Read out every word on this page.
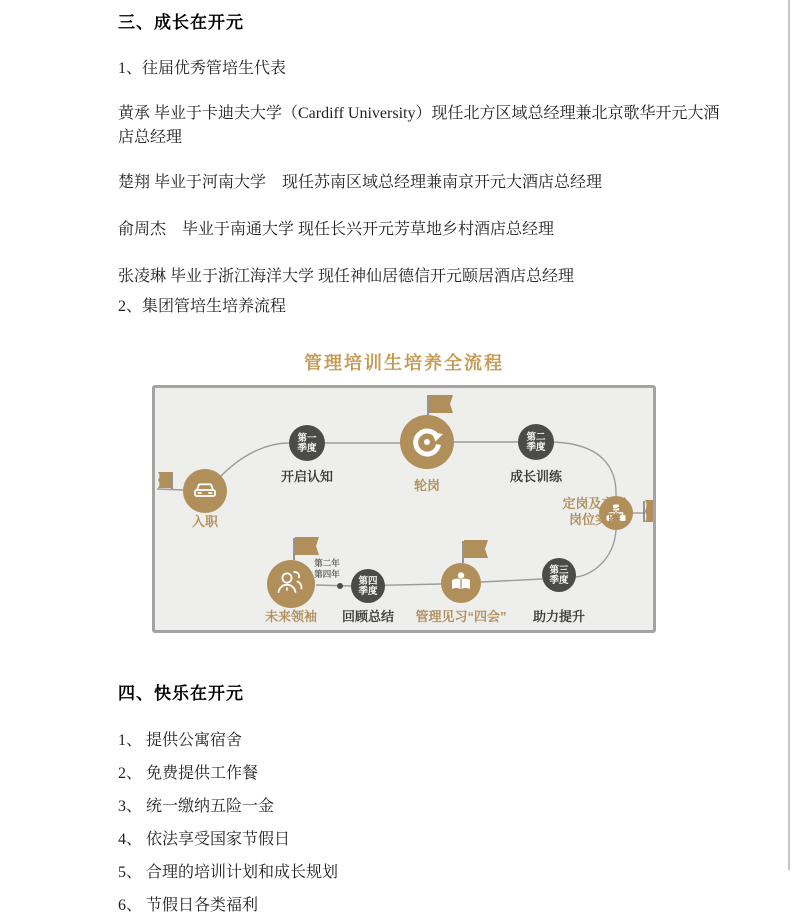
三、成长在开元

1、往届优秀管培生代表

黄承 毕业于卡迪夫大学（Cardiff University）现任北方区域总经理兼北京歌华开元大酒店总经理

楚翔 毕业于河南大学　现任苏南区域总经理兼南京开元大酒店总经理

俞周杰　毕业于南通大学 现任长兴开元芳草地乡村酒店总经理

张凌琳 毕业于浙江海洋大学 现任神仙居德信开元颐居酒店总经理

2、集团管培生培养流程

管理培训生培养全流程
入职
第一
季度
开启认知
轮岗
第二
季度
成长训练
定岗及交叉
岗位实践
第三
季度
助力提升
管理见习“四会”
第四
季度
回顾总结
第二年
第四年
未来领袖
四、快乐在开元

1、 提供公寓宿舍

2、 免费提供工作餐

3、 统一缴纳五险一金

4、 依法享受国家节假日

5、 合理的培训计划和成长规划

6、 节假日各类福利
